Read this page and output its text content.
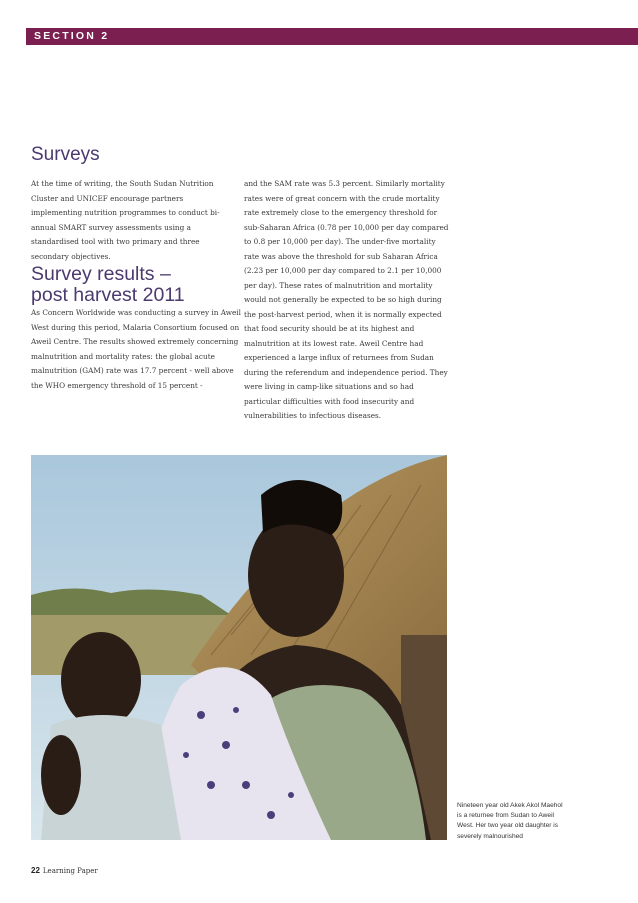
SECTION 2
Surveys

At the time of writing, the South Sudan Nutrition Cluster and UNICEF encourage partners implementing nutrition programmes to conduct bi-annual SMART survey assessments using a standardised tool with two primary and three secondary objectives.

Survey results –
post harvest 2011

As Concern Worldwide was conducting a survey in Aweil West during this period, Malaria Consortium focused on Aweil Centre. The results showed extremely concerning malnutrition and mortality rates: the global acute malnutrition (GAM) rate was 17.7 percent - well above the WHO emergency threshold of 15 percent -

and the SAM rate was 5.3 percent. Similarly mortality rates were of great concern with the crude mortality rate extremely close to the emergency threshold for sub-Saharan Africa (0.78 per 10,000 per day compared to 0.8 per 10,000 per day). The under-five mortality rate was above the threshold for sub Saharan Africa (2.23 per 10,000 per day compared to 2.1 per 10,000 per day). These rates of malnutrition and mortality would not generally be expected to be so high during the post-harvest period, when it is normally expected that food security should be at its highest and malnutrition at its lowest rate. Aweil Centre had experienced a large influx of returnees from Sudan during the referendum and independence period. They were living in camp-like situations and so had particular difficulties with food insecurity and vulnerabilities to infectious diseases.

Nineteen year old Akek Akol Maehol is a returnee from Sudan to Aweil West. Her two year old daughter is severely malnourished

22 Learning Paper
